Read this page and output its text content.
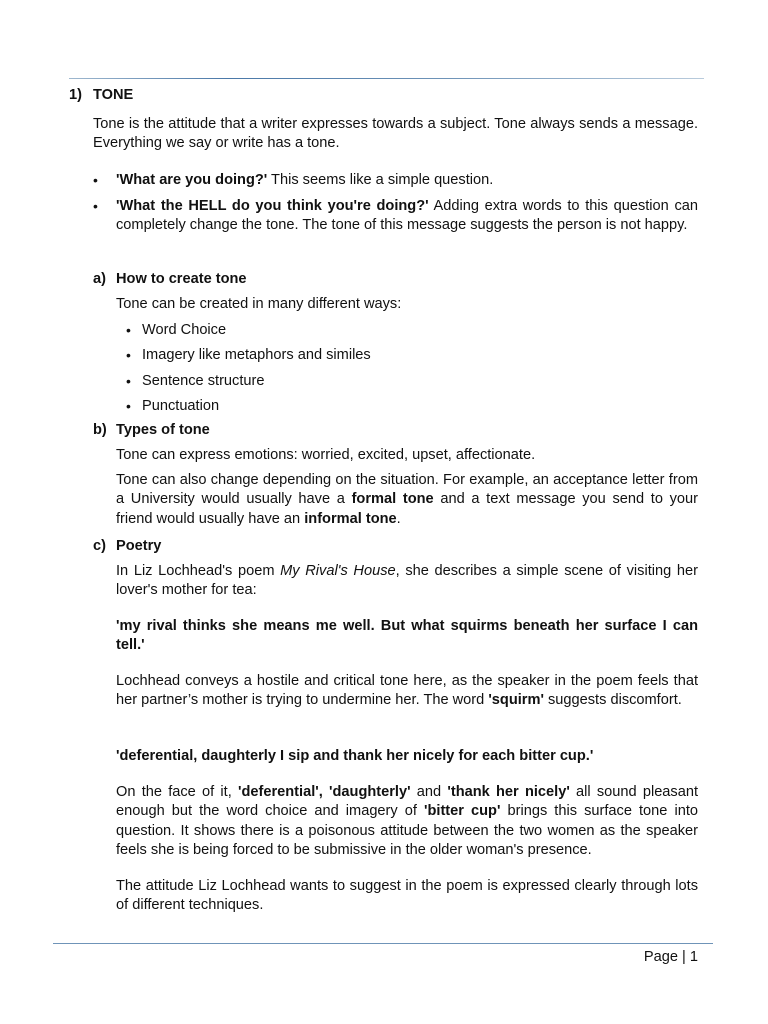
1) TONE

Tone is the attitude that a writer expresses towards a subject. Tone always sends a message. Everything we say or write has a tone.

• 'What are you doing?' This seems like a simple question.

• 'What the HELL do you think you're doing?' Adding extra words to this question can completely change the tone. The tone of this message suggests the person is not happy.

a) How to create tone

Tone can be created in many different ways:

• Word Choice

• Imagery like metaphors and similes

• Sentence structure

• Punctuation

b) Types of tone

Tone can express emotions: worried, excited, upset, affectionate.

Tone can also change depending on the situation. For example, an acceptance letter from a University would usually have a formal tone and a text message you send to your friend would usually have an informal tone.

c) Poetry

In Liz Lochhead's poem My Rival's House, she describes a simple scene of visiting her lover's mother for tea:

'my rival thinks she means me well. But what squirms beneath her surface I can tell.'

Lochhead conveys a hostile and critical tone here, as the speaker in the poem feels that her partner’s mother is trying to undermine her. The word 'squirm' suggests discomfort.

'deferential, daughterly I sip and thank her nicely for each bitter cup.'

On the face of it, 'deferential', 'daughterly' and 'thank her nicely' all sound pleasant enough but the word choice and imagery of 'bitter cup' brings this surface tone into question. It shows there is a poisonous attitude between the two women as the speaker feels she is being forced to be submissive in the older woman's presence.

The attitude Liz Lochhead wants to suggest in the poem is expressed clearly through lots of different techniques.

Page | 1
